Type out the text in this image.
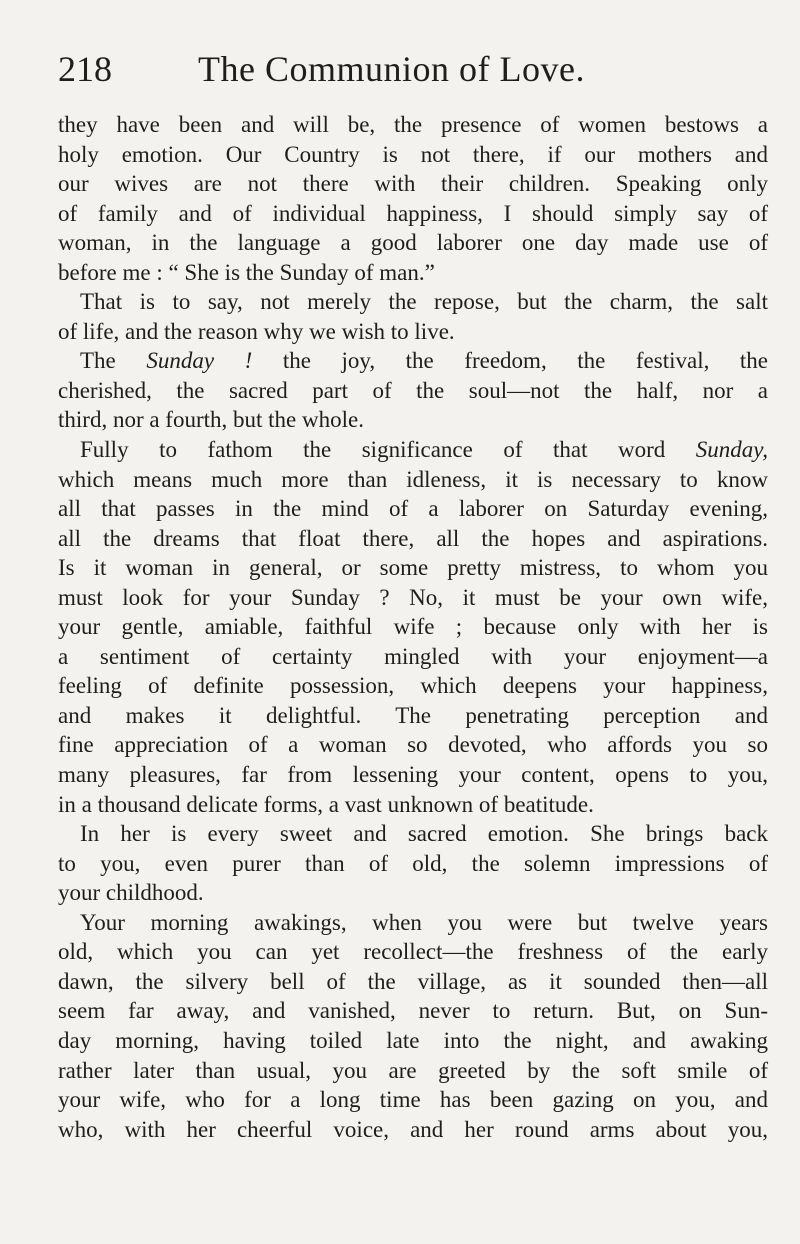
218 The Communion of Love.
they have been and will be, the presence of women bestows a
holy emotion. Our Country is not there, if our mothers and
our wives are not there with their children. Speaking only
of family and of individual happiness, I should simply say of
woman, in the language a good laborer one day made use of
before me : “ She is the Sunday of man.”
That is to say, not merely the repose, but the charm, the salt
of life, and the reason why we wish to live.
The Sunday ! the joy, the freedom, the festival, the
cherished, the sacred part of the soul—not the half, nor a
third, nor a fourth, but the whole.
Fully to fathom the significance of that word Sunday,
which means much more than idleness, it is necessary to know
all that passes in the mind of a laborer on Saturday evening,
all the dreams that float there, all the hopes and aspirations.
Is it woman in general, or some pretty mistress, to whom you
must look for your Sunday ? No, it must be your own wife,
your gentle, amiable, faithful wife ; because only with her is
a sentiment of certainty mingled with your enjoyment—a
feeling of definite possession, which deepens your happiness,
and makes it delightful. The penetrating perception and
fine appreciation of a woman so devoted, who affords you so
many pleasures, far from lessening your content, opens to you,
in a thousand delicate forms, a vast unknown of beatitude.
In her is every sweet and sacred emotion. She brings back
to you, even purer than of old, the solemn impressions of
your childhood.
Your morning awakings, when you were but twelve years
old, which you can yet recollect—the freshness of the early
dawn, the silvery bell of the village, as it sounded then—all
seem far away, and vanished, never to return. But, on Sun-
day morning, having toiled late into the night, and awaking
rather later than usual, you are greeted by the soft smile of
your wife, who for a long time has been gazing on you, and
who, with her cheerful voice, and her round arms about you,
